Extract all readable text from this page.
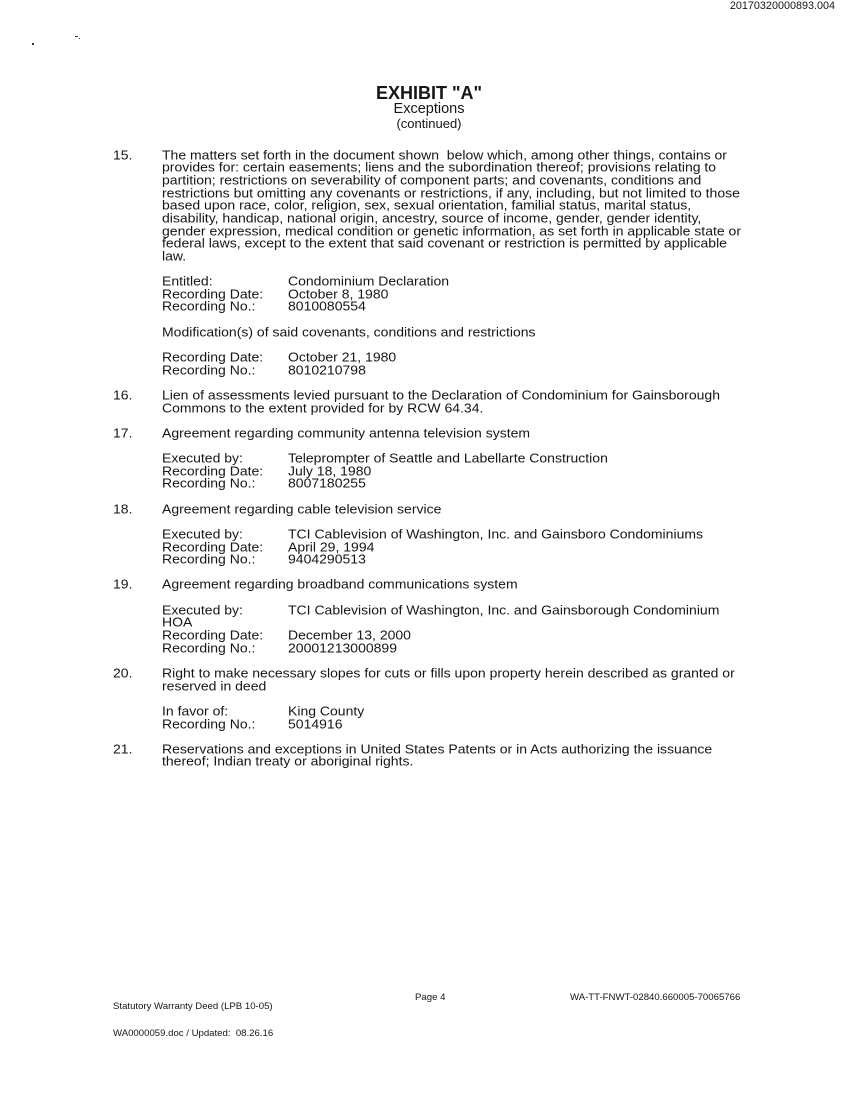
20170320000893.004
EXHIBIT "A"
Exceptions
(continued)
15.	The matters set forth in the document shown  below which, among other things, contains or
provides for: certain easements; liens and the subordination thereof; provisions relating to
partition; restrictions on severability of component parts; and covenants, conditions and
restrictions but omitting any covenants or restrictions, if any, including, but not limited to those
based upon race, color, religion, sex, sexual orientation, familial status, marital status,
disability, handicap, national origin, ancestry, source of income, gender, gender identity,
gender expression, medical condition or genetic information, as set forth in applicable state or
federal laws, except to the extent that said covenant or restriction is permitted by applicable
law.
Entitled:	Condominium Declaration
Recording Date:	October 8, 1980
Recording No.:	8010080554
Modification(s) of said covenants, conditions and restrictions
Recording Date:	October 21, 1980
Recording No.:	8010210798
16.	Lien of assessments levied pursuant to the Declaration of Condominium for Gainsborough
Commons to the extent provided for by RCW 64.34.
17.	Agreement regarding community antenna television system
Executed by:	Teleprompter of Seattle and Labellarte Construction
Recording Date:	July 18, 1980
Recording No.:	8007180255
18.	Agreement regarding cable television service
Executed by:	TCI Cablevision of Washington, Inc. and Gainsboro Condominiums
Recording Date:	April 29, 1994
Recording No.:	9404290513
19.	Agreement regarding broadband communications system
Executed by:	TCI Cablevision of Washington, Inc. and Gainsborough Condominium
HOA
Recording Date:	December 13, 2000
Recording No.:	20001213000899
20.	Right to make necessary slopes for cuts or fills upon property herein described as granted or
reserved in deed
In favor of:	King County
Recording No.:	5014916
21.	Reservations and exceptions in United States Patents or in Acts authorizing the issuance
thereof; Indian treaty or aboriginal rights.

Statutory Warranty Deed (LPB 10-05)

WA0000059.doc / Updated:  08.26.16

Page 4	WA-TT-FNWT-02840.660005-70065766
